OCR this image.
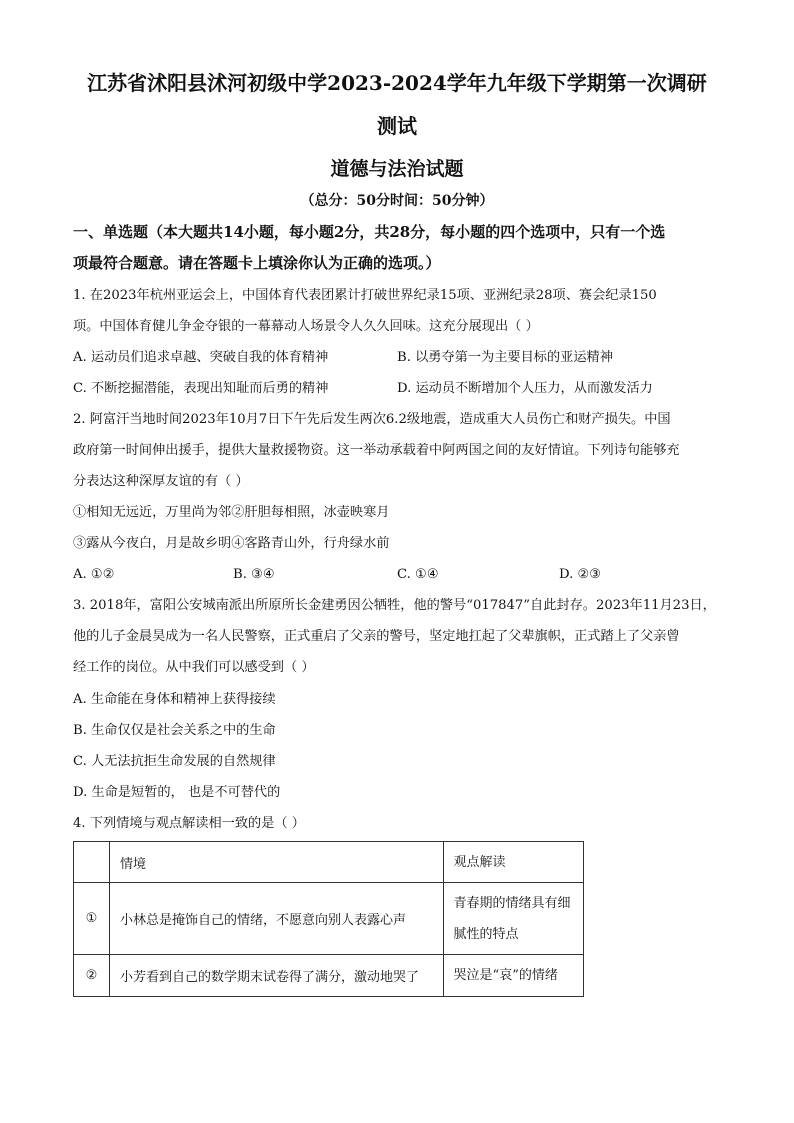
江苏省沭阳县沭河初级中学2023-2024学年九年级下学期第一次调研
测试
道德与法治试题
（总分：50分时间：50分钟）
一、单选题（本大题共14小题，每小题2分，共28分，每小题的四个选项中，只有一个选
项最符合题意。请在答题卡上填涂你认为正确的选项。）
1. 在2023年杭州亚运会上，中国体育代表团累计打破世界纪录15项、亚洲纪录28项、赛会纪录150
项。中国体育健儿争金夺银的一幕幕动人场景令人久久回味。这充分展现出（ ）
A. 运动员们追求卓越、突破自我的体育精神	B. 以勇夺第一为主要目标的亚运精神
C. 不断挖掘潜能，表现出知耻而后勇的精神	D. 运动员不断增加个人压力，从而激发活力
2. 阿富汗当地时间2023年10月7日下午先后发生两次6.2级地震，造成重大人员伤亡和财产损失。中国
政府第一时间伸出援手，提供大量救援物资。这一举动承载着中阿两国之间的友好情谊。下列诗句能够充
分表达这种深厚友谊的有（ ）
①相知无远近，万里尚为邻②肝胆每相照，冰壶映寒月
③露从今夜白，月是故乡明④客路青山外，行舟绿水前
A. ①②	B. ③④	C. ①④	D. ②③
3. 2018年，富阳公安城南派出所原所长金建勇因公牺牲，他的警号“017847”自此封存。2023年11月23日，
他的儿子金晨昊成为一名人民警察，正式重启了父亲的警号，坚定地扛起了父辈旗帜，正式踏上了父亲曾
经工作的岗位。从中我们可以感受到（ ）
A. 生命能在身体和精神上获得接续
B. 生命仅仅是社会关系之中的生命
C. 人无法抗拒生命发展的自然规律
D. 生命是短暂的， 也是不可替代的
4. 下列情境与观点解读相一致的是（ ）
	情境	观点解读
①	小林总是掩饰自己的情绪，不愿意向别人表露心声	青春期的情绪具有细腻性的特点
②	小芳看到自己的数学期末试卷得了满分，激动地哭了	哭泣是“哀”的情绪
